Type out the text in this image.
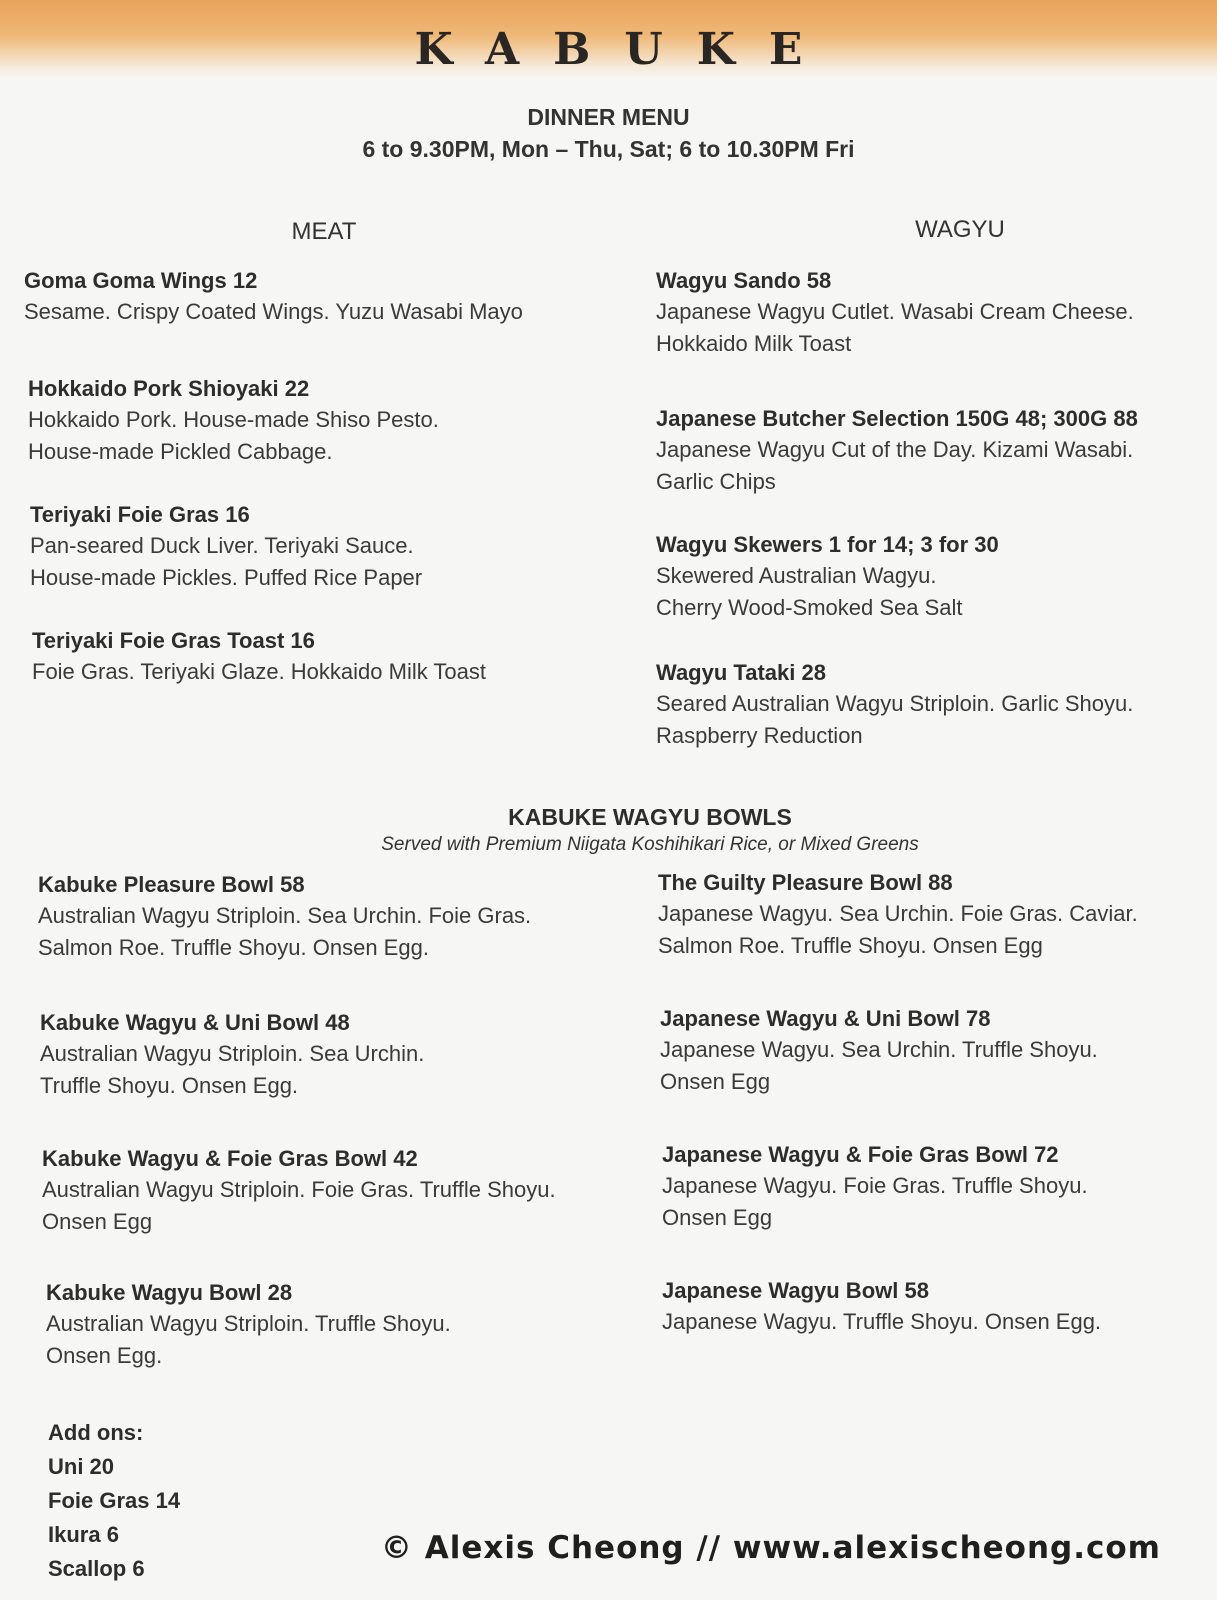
KABUKE
DINNER MENU
6 to 9.30PM, Mon – Thu, Sat; 6 to 10.30PM Fri
MEAT	WAGYU
Goma Goma Wings 12
Sesame. Crispy Coated Wings. Yuzu Wasabi Mayo
Hokkaido Pork Shioyaki 22
Hokkaido Pork. House-made Shiso Pesto.
House-made Pickled Cabbage.
Teriyaki Foie Gras 16
Pan-seared Duck Liver. Teriyaki Sauce.
House-made Pickles. Puffed Rice Paper
Teriyaki Foie Gras Toast 16
Foie Gras. Teriyaki Glaze. Hokkaido Milk Toast
Wagyu Sando 58
Japanese Wagyu Cutlet. Wasabi Cream Cheese.
Hokkaido Milk Toast
Japanese Butcher Selection 150G 48; 300G 88
Japanese Wagyu Cut of the Day. Kizami Wasabi.
Garlic Chips
Wagyu Skewers 1 for 14; 3 for 30
Skewered Australian Wagyu.
Cherry Wood-Smoked Sea Salt
Wagyu Tataki 28
Seared Australian Wagyu Striploin. Garlic Shoyu.
Raspberry Reduction
KABUKE WAGYU BOWLS
Served with Premium Niigata Koshihikari Rice, or Mixed Greens
Kabuke Pleasure Bowl 58
Australian Wagyu Striploin. Sea Urchin. Foie Gras.
Salmon Roe. Truffle Shoyu. Onsen Egg.
Kabuke Wagyu & Uni Bowl 48
Australian Wagyu Striploin. Sea Urchin.
Truffle Shoyu. Onsen Egg.
Kabuke Wagyu & Foie Gras Bowl 42
Australian Wagyu Striploin. Foie Gras. Truffle Shoyu.
Onsen Egg
Kabuke Wagyu Bowl 28
Australian Wagyu Striploin. Truffle Shoyu.
Onsen Egg.
The Guilty Pleasure Bowl 88
Japanese Wagyu. Sea Urchin. Foie Gras. Caviar.
Salmon Roe. Truffle Shoyu. Onsen Egg
Japanese Wagyu & Uni Bowl 78
Japanese Wagyu. Sea Urchin. Truffle Shoyu.
Onsen Egg
Japanese Wagyu & Foie Gras Bowl 72
Japanese Wagyu. Foie Gras. Truffle Shoyu.
Onsen Egg
Japanese Wagyu Bowl 58
Japanese Wagyu. Truffle Shoyu. Onsen Egg.
Add ons:
Uni 20
Foie Gras 14
Ikura 6
Scallop 6
© Alexis Cheong // www.alexischeong.com
